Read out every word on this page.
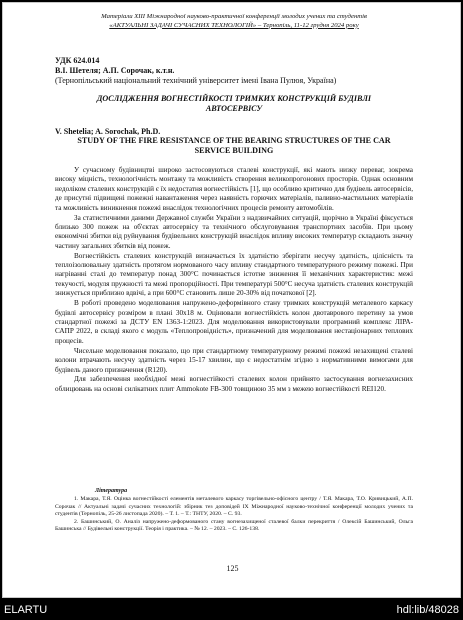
Матеріали XIII Міжнародної науково-практичної конференції молодих учених та студентів
«АКТУАЛЬНІ ЗАДАЧІ СУЧАСНИХ ТЕХНОЛОГІЙ» – Тернопіль, 11-12 грудня 2024 року
УДК 624.014
В.І. Шетеля; А.П. Сорочак, к.т.н.
(Тернопільський національний технічний університет імені Івана Пулюя, Україна)
ДОСЛІДЖЕННЯ ВОГНЕСТІЙКОСТІ ТРИМКИХ КОНСТРУКЦІЙ БУДІВЛІ АВТОСЕРВІСУ
V. Shetelia; A. Sorochak, Ph.D.
STUDY OF THE FIRE RESISTANCE OF THE BEARING STRUCTURES OF THE CAR SERVICE BUILDING

У сучасному будівництві широко застосовуються сталеві конструкції, які мають низку переваг, зокрема високу міцність, технологічність монтажу та можливість створення великопрогонових просторів. Однак основним недоліком сталевих конструкцій є їх недостатня вогнестійкість [1], що особливо критично для будівель автосервісів, де присутні підвищені пожежні навантаження через наявність горючих матеріалів, паливно-мастильних матеріалів та можливість виникнення пожежі внаслідок технологічних процесів ремонту автомобілів.

За статистичними даними Державної служби України з надзвичайних ситуацій, щорічно в Україні фіксується близько 300 пожеж на об'єктах автосервісу та технічного обслуговування транспортних засобів. При цьому економічні збитки від руйнування будівельних конструкцій внаслідок впливу високих температур складають значну частину загальних збитків від пожеж.

Вогнестійкість сталевих конструкцій визначається їх здатністю зберігати несучу здатність, цілісність та теплоізолювальну здатність протягом нормованого часу впливу стандартного температурного режиму пожежі. При нагріванні сталі до температур понад 300°С починається істотне зниження її механічних характеристик: межі текучості, модуля пружності та межі пропорційності. При температурі 500°С несуча здатність сталевих конструкцій знижується приблизно вдвічі, а при 600°С становить лише 20-30% від початкової [2].

В роботі проведено моделювання напружено-деформівного стану тримких конструкцій металевого каркасу будівлі автосервісу розміром в плані 30х18 м. Оцінювали вогнестійкість колон двотаврового перетину за умов стандартної пожежі за ДСТУ EN 1363-1:2023. Для моделювання використовували програмний комплекс ЛІРА-САПР 2022, в складі якого є модуль «Теплопровідність», призначений для моделювання нестаціонарних теплових процесів.

Чисельне моделювання показало, що при стандартному температурному режимі пожежі незахищені сталеві колони втрачають несучу здатність через 15-17 хвилин, що є недостатнім згідно з нормативними вимогами для будівель даного призначення (R120).

Для забезпечення необхідної межі вогнестійкості сталевих колон прийнято застосування вогнезахисних облицювань на основі силікатних плит Ammokote FB-300 товщиною 35 мм з межею вогнестійкості REI120.

Література

1. Макара, Т.Я. Оцінка вогнестійкості елементів металевого каркасу торгівельно-офісного центру / Т.Я. Макара, Т.О. Кривицький, А.П. Сорочак // Актуальні задачі сучасних технологій: збірник тез доповідей IX Міжнародної науково-технічної конференції молодих учених та студентів (Тернопіль, 25-26 листопада 2020). – Т. 1. – Т.: ТНТУ, 2020. – С. 93.

2. Башинський, О. Аналіз напружено-деформованого стану вогнезахищеної сталевої балки перекриття / Олексій Башинський, Ольга Башинська // Будівельні конструкції. Теорія і практика. – № 12. – 2023. – С. 126-138.

125
ELARTU	hdl:lib/48028
